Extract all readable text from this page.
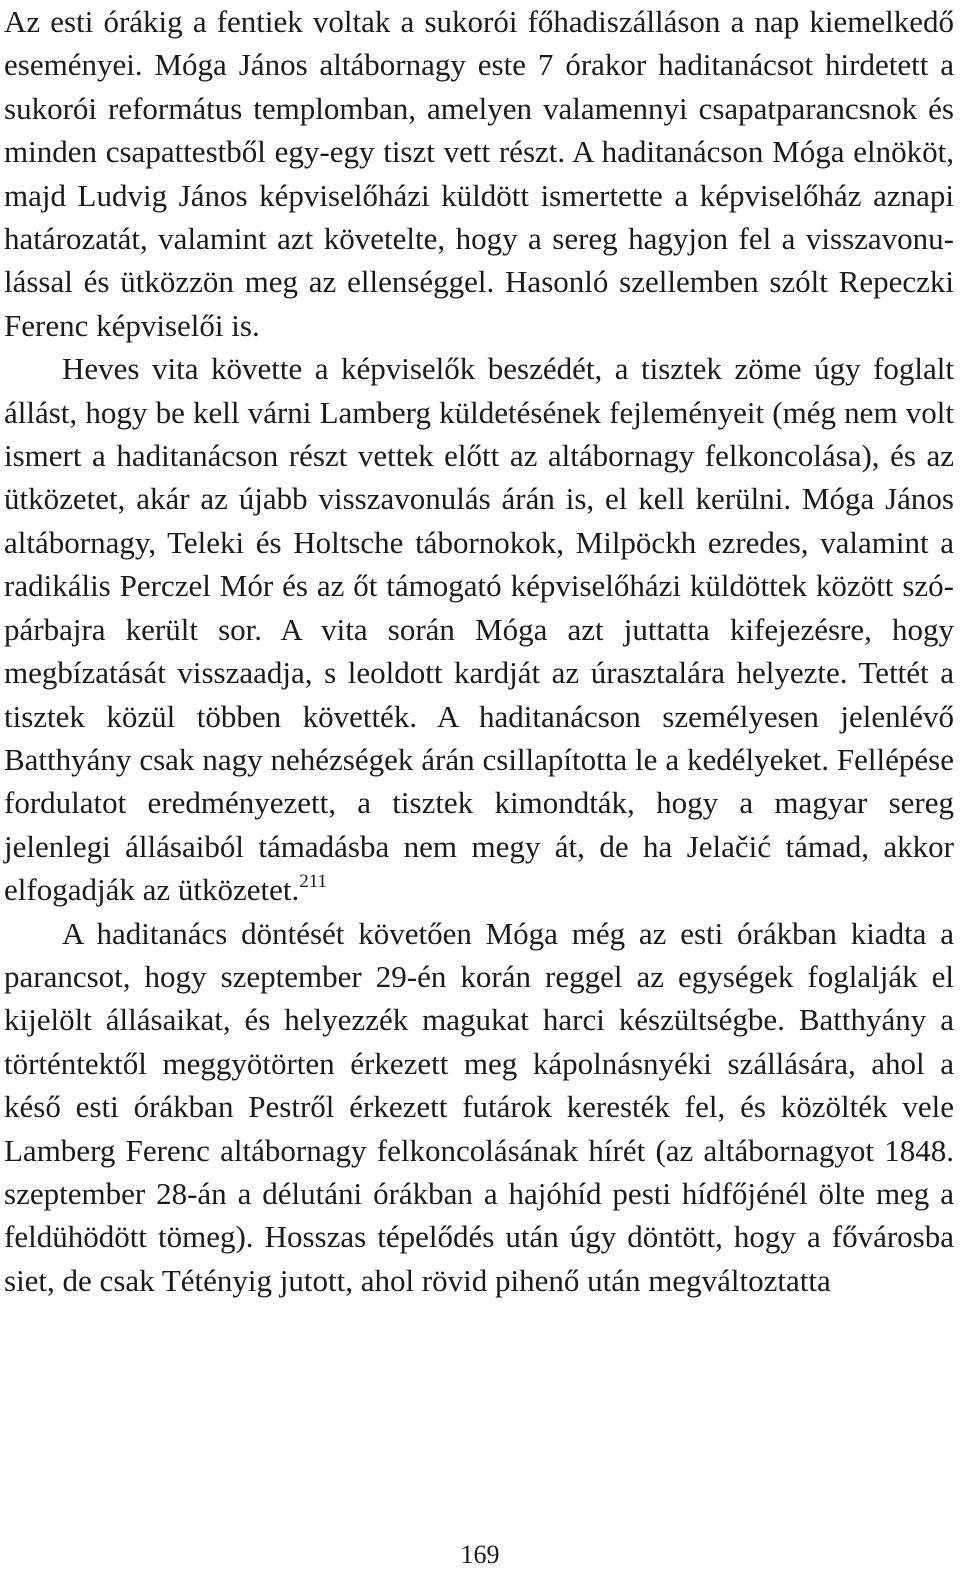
Az esti órákig a fentiek voltak a sukorói főhadiszálláson a nap kiemelkedő eseményei. Móga János altábornagy este 7 órakor haditanácsot hirdetett a sukorói református templomban, amelyen valamennyi csapatparancsnok és minden csapattestből egy-egy tiszt vett részt. A haditanácson Móga elnököt, majd Ludvig János képviselőházi küldött ismertette a képviselőház aznapi határozatát, valamint azt követelte, hogy a sereg hagyjon fel a visszavonulással és ütközzön meg az ellenséggel. Hasonló szellemben szólt Repeczki Ferenc képviselői is.

Heves vita követte a képviselők beszédét, a tisztek zöme úgy foglalt állást, hogy be kell várni Lamberg küldetésének fejleményeit (még nem volt ismert a haditanácson részt vettek előtt az altábornagy felkoncolása), és az ütközetet, akár az újabb visszavonulás árán is, el kell kerülni. Móga János altábornagy, Teleki és Holtsche tábornokok, Milpöckh ezredes, valamint a radikális Perczel Mór és az őt támogató képviselőházi küldöttek között szópárbajra került sor. A vita során Móga azt juttatta kifejezésre, hogy megbízatását visszaadja, s leoldott kardját az úrasztalára helyezte. Tettét a tisztek közül többen követték. A haditanácson személyesen jelenlévő Batthyány csak nagy nehézségek árán csillapította le a kedélyeket. Fellépése fordulatot eredményezett, a tisztek kimondták, hogy a magyar sereg jelenlegi állásaiból támadásba nem megy át, de ha Jelačić támad, akkor elfogadják az ütközetet.$^{211}$

A haditanács döntését követően Móga még az esti órákban kiadta a parancsot, hogy szeptember 29-én korán reggel az egységek foglalják el kijelölt állásaikat, és helyezzék magukat harci készültségbe. Batthyány a történtektől meggyötörten érkezett meg kápolnásnyéki szállására, ahol a késő esti órákban Pestről érkezett futárok keresték fel, és közölték vele Lamberg Ferenc altábornagy felkoncolásának hírét (az altábornagyot 1848. szeptember 28-án a délutáni órákban a hajóhíd pesti hídfőjénél ölte meg a feldühödött tömeg). Hosszas tépelődés után úgy döntött, hogy a fővárosba siet, de csak Tétényig jutott, ahol rövid pihenő után megváltoztatta

169
